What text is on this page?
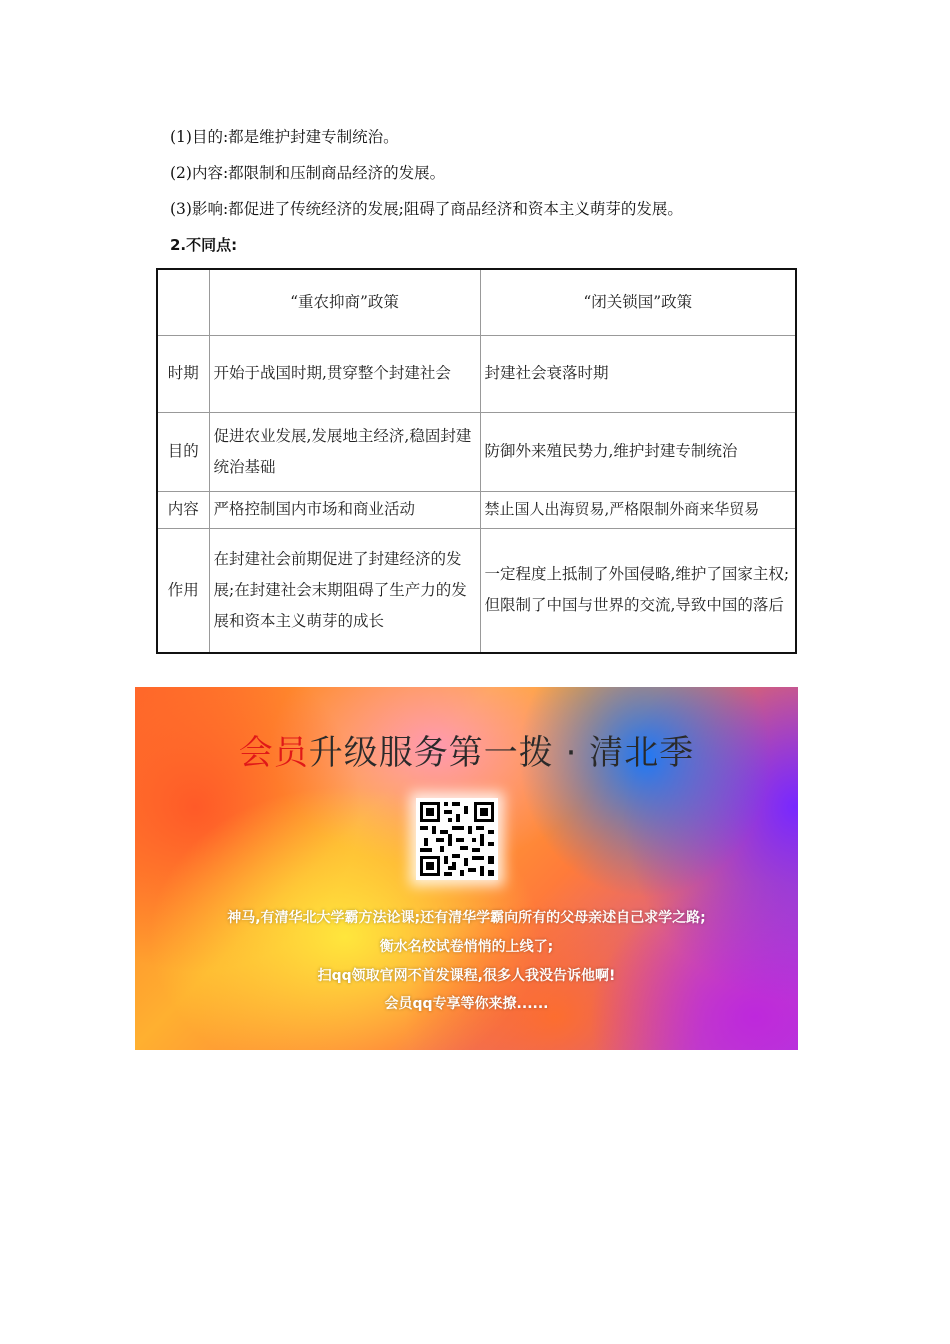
(1)目的:都是维护封建专制统治。

(2)内容:都限制和压制商品经济的发展。

(3)影响:都促进了传统经济的发展;阻碍了商品经济和资本主义萌芽的发展。

2.不同点:

	“重农抑商”政策	“闭关锁国”政策
时期	开始于战国时期,贯穿整个封建社会	封建社会衰落时期
目的	促进农业发展,发展地主经济,稳固封建统治基础	防御外来殖民势力,维护封建专制统治
内容	严格控制国内市场和商业活动	禁止国人出海贸易,严格限制外商来华贸易
作用	在封建社会前期促进了封建经济的发展;在封建社会末期阻碍了生产力的发展和资本主义萌芽的成长	一定程度上抵制了外国侵略,维护了国家主权;但限制了中国与世界的交流,导致中国的落后
会员升级服务第一拨 · 清北季
神马,有清华北大学霸方法论课;还有清华学霸向所有的父母亲述自己求学之路;
衡水名校试卷悄悄的上线了;
扫qq领取官网不首发课程,很多人我没告诉他啊!
会员qq专享等你来撩......
